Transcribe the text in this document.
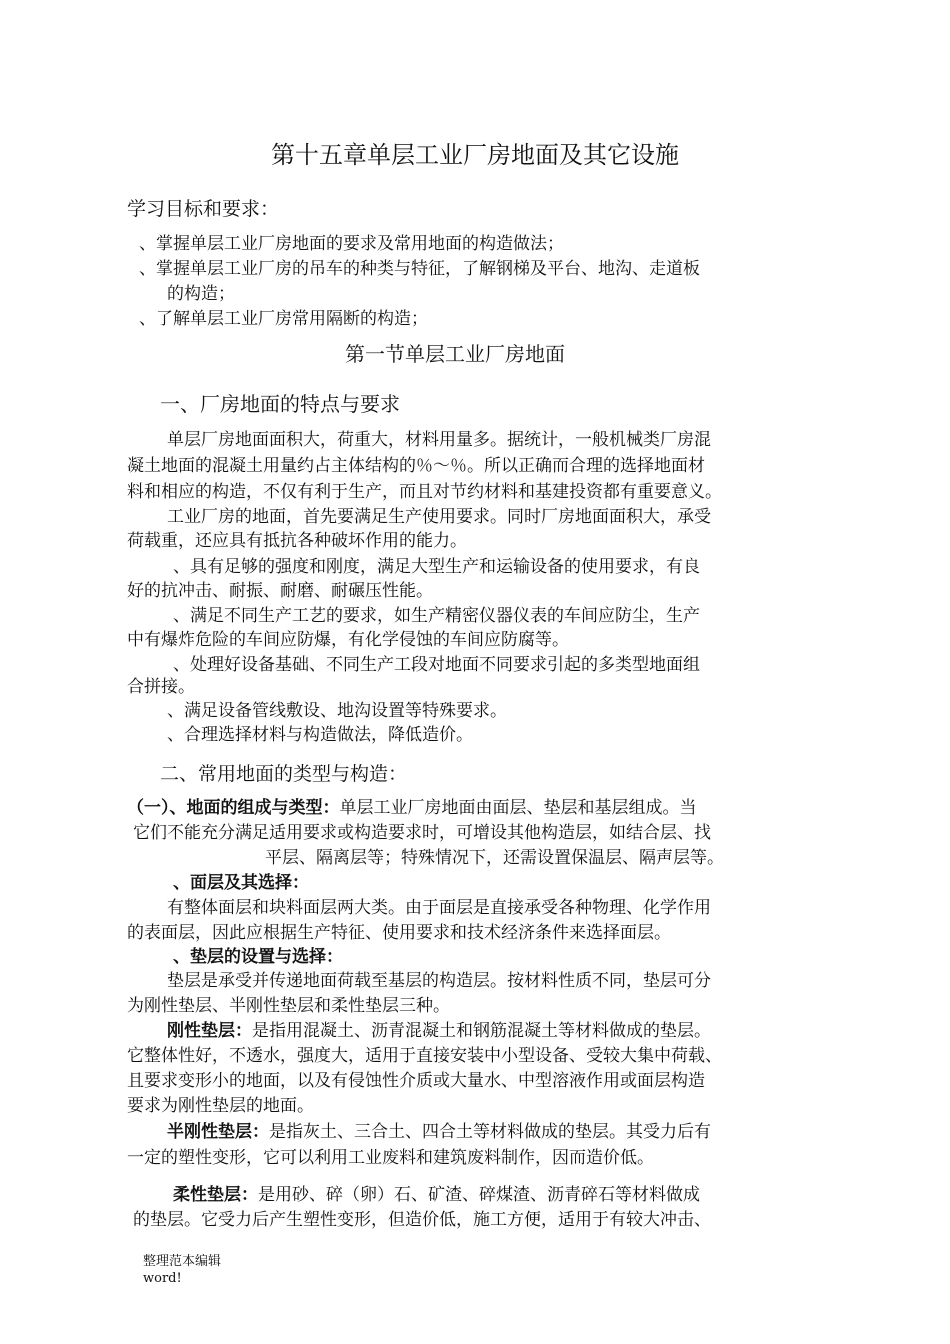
第十五章单层工业厂房地面及其它设施
学习目标和要求：
、掌握单层工业厂房地面的要求及常用地面的构造做法；
、掌握单层工业厂房的吊车的种类与特征，了解钢梯及平台、地沟、走道板
的构造；
、了解单层工业厂房常用隔断的构造；
第一节单层工业厂房地面
一、厂房地面的特点与要求
单层厂房地面面积大，荷重大，材料用量多。据统计，一般机械类厂房混
凝土地面的混凝土用量约占主体结构的％～％。所以正确而合理的选择地面材
料和相应的构造，不仅有利于生产，而且对节约材料和基建投资都有重要意义。
工业厂房的地面，首先要满足生产使用要求。同时厂房地面面积大，承受
荷载重，还应具有抵抗各种破坏作用的能力。
、具有足够的强度和刚度，满足大型生产和运输设备的使用要求，有良
好的抗冲击、耐振、耐磨、耐碾压性能。
、满足不同生产工艺的要求，如生产精密仪器仪表的车间应防尘，生产
中有爆炸危险的车间应防爆，有化学侵蚀的车间应防腐等。
、处理好设备基础、不同生产工段对地面不同要求引起的多类型地面组
合拼接。
、满足设备管线敷设、地沟设置等特殊要求。
、合理选择材料与构造做法，降低造价。
二、常用地面的类型与构造：
（一）、地面的组成与类型：单层工业厂房地面由面层、垫层和基层组成。当
它们不能充分满足适用要求或构造要求时，可增设其他构造层，如结合层、找
平层、隔离层等；特殊情况下，还需设置保温层、隔声层等。
、面层及其选择：
有整体面层和块料面层两大类。由于面层是直接承受各种物理、化学作用
的表面层，因此应根据生产特征、使用要求和技术经济条件来选择面层。
、垫层的设置与选择：
垫层是承受并传递地面荷载至基层的构造层。按材料性质不同，垫层可分
为刚性垫层、半刚性垫层和柔性垫层三种。
刚性垫层：是指用混凝土、沥青混凝土和钢筋混凝土等材料做成的垫层。
它整体性好，不透水，强度大，适用于直接安装中小型设备、受较大集中荷载、
且要求变形小的地面，以及有侵蚀性介质或大量水、中型溶液作用或面层构造
要求为刚性垫层的地面。
半刚性垫层：是指灰土、三合土、四合土等材料做成的垫层。其受力后有
一定的塑性变形，它可以利用工业废料和建筑废料制作，因而造价低。
柔性垫层：是用砂、碎（卵）石、矿渣、碎煤渣、沥青碎石等材料做成
的垫层。它受力后产生塑性变形，但造价低，施工方便，适用于有较大冲击、
整理范本编辑
word!
